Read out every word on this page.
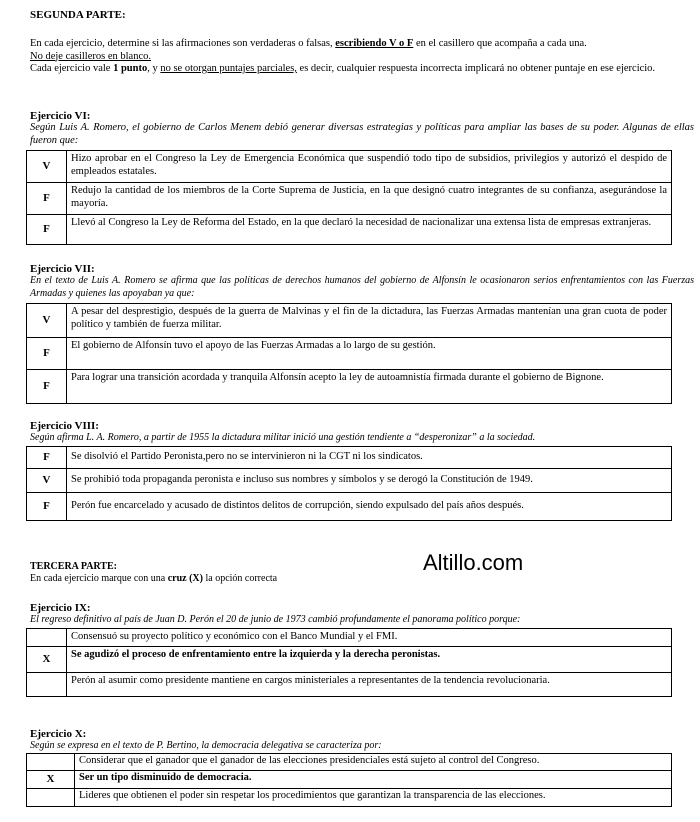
SEGUNDA PARTE:
En cada ejercicio, determine si las afirmaciones son verdaderas o falsas, escribiendo V o F en el casillero que acompaña a cada una.
No deje casilleros en blanco.
Cada ejercicio vale 1 punto, y no se otorgan puntajes parciales, es decir, cualquier respuesta incorrecta implicará no obtener puntaje en ese ejercicio.
Ejercicio VI:
Según Luis A. Romero, el gobierno de Carlos Menem debió generar diversas estrategias y políticas para ampliar las bases de su poder. Algunas de ellas fueron que:
V	Hizo aprobar en el Congreso la Ley de Emergencia Económica que suspendió todo tipo de subsidios, privilegios y autorizó el despido de empleados estatales.
F	Redujo la cantidad de los miembros de la Corte Suprema de Justicia, en la que designó cuatro integrantes de su confianza, asegurándose la mayoría.
F	Llevó al Congreso la Ley de Reforma del Estado, en la que declaró la necesidad de nacionalizar una extensa lista de empresas extranjeras.
Ejercicio VII:
En el texto de Luis A. Romero se afirma que las políticas de derechos humanos del gobierno de Alfonsín le ocasionaron serios enfrentamientos con las Fuerzas Armadas y quienes las apoyaban ya que:
V	A pesar del desprestigio, después de la guerra de Malvinas y el fin de la dictadura, las Fuerzas Armadas mantenían una gran cuota de poder político y también de fuerza militar.
F	El gobierno de Alfonsín tuvo el apoyo de las Fuerzas Armadas a lo largo de su gestión.
F	Para lograr una transición acordada y tranquila Alfonsín acepto la ley de autoamnistía firmada durante el gobierno de Bignone.
Ejercicio VIII:
Según afirma L. A. Romero, a partir de 1955 la dictadura militar inició una gestión tendiente a “desperonizar” a la sociedad.
F	Se disolvió el Partido Peronista,pero no se intervinieron ni la CGT ni los sindicatos.
V	Se prohibió toda propaganda peronista e incluso sus nombres y símbolos y se derogó la Constitución de 1949.
F	Perón fue encarcelado y acusado de distintos delitos de corrupción, siendo expulsado del país años después.
TERCERA PARTE:
En cada ejercicio marque con una cruz (X) la opción correcta
Altillo.com
Ejercicio IX:
El regreso definitivo al país de Juan D. Perón el 20 de junio de 1973 cambió profundamente el panorama político porque:
	Consensuó su proyecto político y económico con el Banco Mundial y el FMI.
X	Se agudizó el proceso de enfrentamiento entre la izquierda y la derecha peronistas.
	Perón al asumir como presidente mantiene en cargos ministeriales a representantes de la tendencia revolucionaria.
Ejercicio X:
Según se expresa en el texto de P. Bertino, la democracia delegativa se caracteriza por:
	Considerar que el ganador que el ganador de las elecciones presidenciales está sujeto al control del Congreso.
X	Ser un tipo disminuido de democracia.
	Lideres que obtienen el poder sin respetar los procedimientos que garantizan la transparencia de las elecciones.
